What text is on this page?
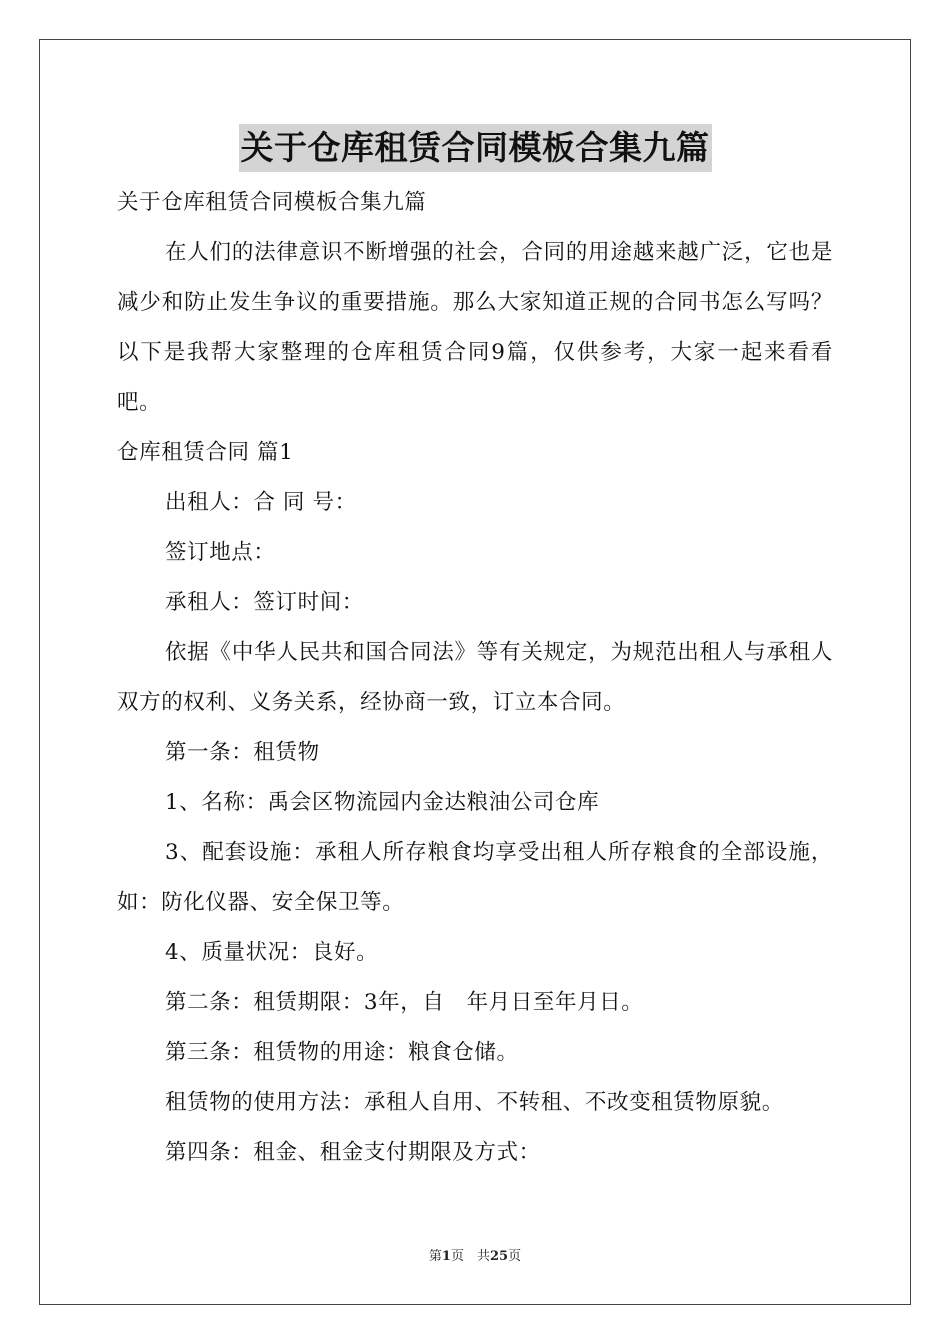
关于仓库租赁合同模板合集九篇

关于仓库租赁合同模板合集九篇

在人们的法律意识不断增强的社会，合同的用途越来越广泛，它也是减少和防止发生争议的重要措施。那么大家知道正规的合同书怎么写吗？以下是我帮大家整理的仓库租赁合同9篇，仅供参考，大家一起来看看吧。

仓库租赁合同 篇1

出租人：合 同 号：

签订地点：

承租人：签订时间：

依据《中华人民共和国合同法》等有关规定，为规范出租人与承租人双方的权利、义务关系，经协商一致，订立本合同。

第一条：租赁物

1、名称：禹会区物流园内金达粮油公司仓库

3、配套设施：承租人所存粮食均享受出租人所存粮食的全部设施，如：防化仪器、安全保卫等。

4、质量状况：良好。

第二条：租赁期限：3年，自　年月日至年月日。

第三条：租赁物的用途：粮食仓储。

租赁物的使用方法：承租人自用、不转租、不改变租赁物原貌。

第四条：租金、租金支付期限及方式：

第1页　共25页
